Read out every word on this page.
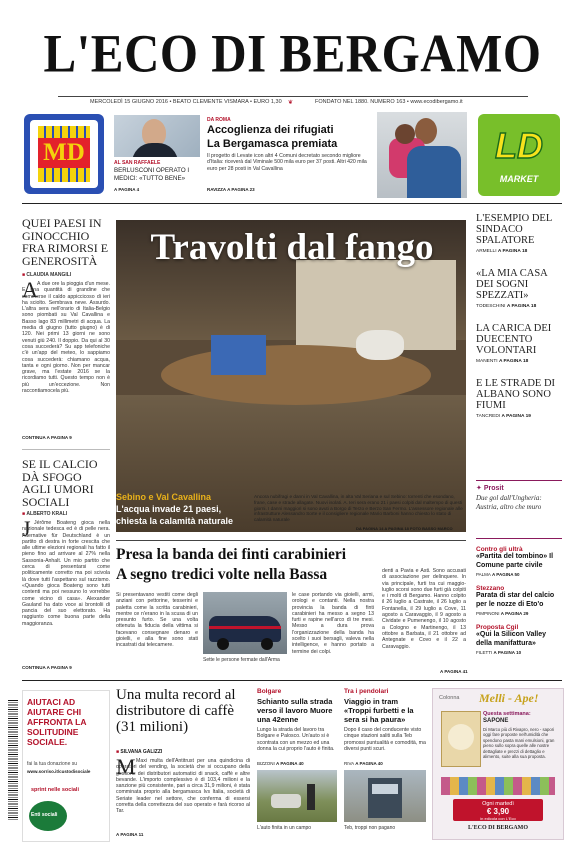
L'ECO DI BERGAMO
MERCOLEDÌ 15 GIUGNO 2016 • BEATO CLEMENTE VISMARA • EURO 1,30 ❦	FONDATO NEL 1880. NUMERO 163 • www.ecodibergamo.it
MD	AL SAN RAFFAELE
BERLUSCONI OPERATO I MEDICI: «TUTTO BENE»
A PAGINA 4
DA ROMA
Accoglienza dei rifugiati
La Bergamasca premiata
Il progetto di Levate icon altri 4 Comuni decretato secondo migliore d'Italia: riceverà dal Viminale 500 mila euro per 37 posti. Altri 420 mila euro per 28 posti in Val Cavallina
RAVIZZA A PAGINA 23
LD
MARKET
QUEI PAESI IN GINOCCHIO FRA RIMORSI E GENEROSITÀ
■ CLAUDIA MANGILI
A A due ore la pioggia d'un mese. E una quantità di grandine che sommerse il caldo appiccicoso di ieri ha sciolto. Sembrava neve. Assurdo. L'altra sera nell'orario di Italia-Belgio sono piombati su Val Cavallina e Basso lago 83 millimetri di acqua. La media di giugno (tutto giugno) è di 120. Nei primi 13 giorni ne sono venuti giù 240. Il doppio. Da qui al 30 cosa succederà? Su app telefoniche c'è un'app del meteo, lo sappiamo cosa succederà: chiamano acqua, tanta e ogni giorno. Non per mancar grave, ma l'estate 2016 se la ricordiamo tutti. Questo tempo non è più un'eccezione. Non raccontiamocela più.
CONTINUA A PAGINA 9
SE IL CALCIO DÀ SFOGO AGLI UMORI SOCIALI
■ ALBERTO KRALI
J Jérôme Boateng gioca nella nazionale tedesca ed è di pelle nera. Alternative für Deutschland è un partito di destra in forte crescita che alle ultime elezioni regionali ha fatto il pieno fino ad arrivare al 27% nella Sassonia-Anhalt. Un mio partito che cerca di presentarsi come politicamente corretto ma poi scivola là dove tutti l'aspettano sul razzismo. «Quando gioca Boateng sono tutti contenti ma poi nessuno lo vorrebbe come vicino di casa». Alexander Gauland ha dato voce ai brontolii di pancia del suo elettorato. Ha raggiunto come buona parte della maggioranza.
CONTINUA A PAGINA 9
AIUTACI AD AIUTARE CHI AFFRONTA LA SOLITUDINE SOCIALE.
fai la tua donazione su
www.sorriso.it/custodisociale
sprint nelle sociali
Enti sociali
Travolti dal fango
Sebino e Val Cavallina
L'acqua invade 21 paesi,
chiesta la calamità naturale
Ancora nubifragi e danni in Val Cavallina, in alta Val Seriana e sul Sebino: torrenti che esondano, frane, case e strade allagate. Nuovi isolati. A. Ieri sera erano 21 i paesi colpiti dal maltempo di questi giorni. I danni maggiori si sono avuti a Borgo di Terzo e Berzo San Fermo. L'assessore regionale alle infrastrutture Alessandro Sorte e il consigliere regionale Mario Barboni hanno chiesto lo stato di calamità naturale
DA PAGINA 14 A PAGINA 18 FOTO BASSO MARCO
L'ESEMPIO DEL SINDACO SPALATORE
ARMELLI A PAGINA 18
«LA MIA CASA DEI SOGNI SPEZZATI»
TODESCHINI A PAGINA 18
LA CARICA DEI DUECENTO VOLONTARI
MANENTI A PAGINA 18
E LE STRADE DI ALBANO SONO FIUMI
TANCREDI A PAGINA 19
✦ Prosit
Due gol dall'Ungheria: Austria, altro che muro
Contro gli ultrà
«Partita del tombino» Il Comune parte civile
PALMA A PAGINA 50
Stezzano
Parata di star del calcio per le nozze di Eto'o
PIMPINONI A PAGINA 29
Proposta Cgil
«Qui la Silicon Valley della manifattura»
FILETTI A PAGINA 10
Presa la banda dei finti carabinieri
A segno tredici volte nella Bassa
Si presentavano vestiti come degli anziani con pettorine, tesserini e paletta come la scritta carabinieri, mentre ce n'erano in la scusa di un presunto furto. Se una volta ottenuta la fiducia della vittima si facevano consegnare denaro e gioielli, e alla fine sono stati incastrati dai telecamere.
Sette le persone fermate dall'Arma
le case portando via gioielli, armi, orologi e contanti. Nella nostra provincia la banda di finti carabinieri ha messo a segno 13 furti e rapine nell'arco di tre mesi. Messo a dura prova l'organizzazione della banda ha scelto i suoi bersagli, valeva nella intelligence, e hanno portato a termine dei colpi.
denti a Pavia e Asti. Sono accusati di associazione per delinquere. In via principale, furti tra cui maggio-luglio scorsi sono due furti già colpiti e i molti di Bergamo. Hanno colpito il 26 luglio a Castrate, il 26 luglio a Fontanella, il 29 luglio a Cove, 11 agosto a Caravaggio, il 9 agosto a Cividate e Pumenengo, il 10 agosto a Cologno e Martinengo, il 13 ottobre a Barbata, il 21 ottobre ad Antegnate e Covo e il 22 a Caravaggio.
A PAGINA 41
Una multa record al distributore di caffè (31 milioni)
■ SILVANA GALIZZI
M Maxi multa dell'Antitrust per una quindicina di operatori del vending, la società che si occupano della gestione dei distributori automatici di snack, caffè e altre bevande. L'importo complessivo è di 103,4 milioni e la sanzione più consistente, pari a circa 31,9 milioni, è stata comminata proprio alla bergamasca Ivs Italia, società di Seriate leader nel settore, che conferma di essersi corretta della correttezza del suo operato e farà ricorso al Tar.
A PAGINA 11
Bolgare
Schianto sulla strada verso il lavoro Muore una 42enne
Lungo la strada del lavoro tra Bolgare e Palosco. Un'auto si è scontrata con un mezzo ed una donna la cui proprio l'auto è finita.
BIZZONI A PAGINA 40
L'auto finita in un campo
Tra i pendolari
Viaggio in tram «Troppi furbetti e la sera si ha paura»
Dopo il caso del conducente visto cinque stazioni saliti sulla Teb promossi puntualità e comodità, ma diversi punti scuri.
RIVA A PAGINA 40
Teb, troppi non pagano
Colonna Melli - Ape!
Questa settimana:
SAPONE
Di Marco più di Rivapro, nero - sapori oggi fare proposte nell'umidità che spendono pasta mani emulsioni, gran pieno sullo sopra quelle alle nostre dettagliate e prezzi di dettaglio e alimento, suite alla sua proposta.
Ogni martedì
€ 3,90
in edicola con L'Eco
L'ECO DI BERGAMO
